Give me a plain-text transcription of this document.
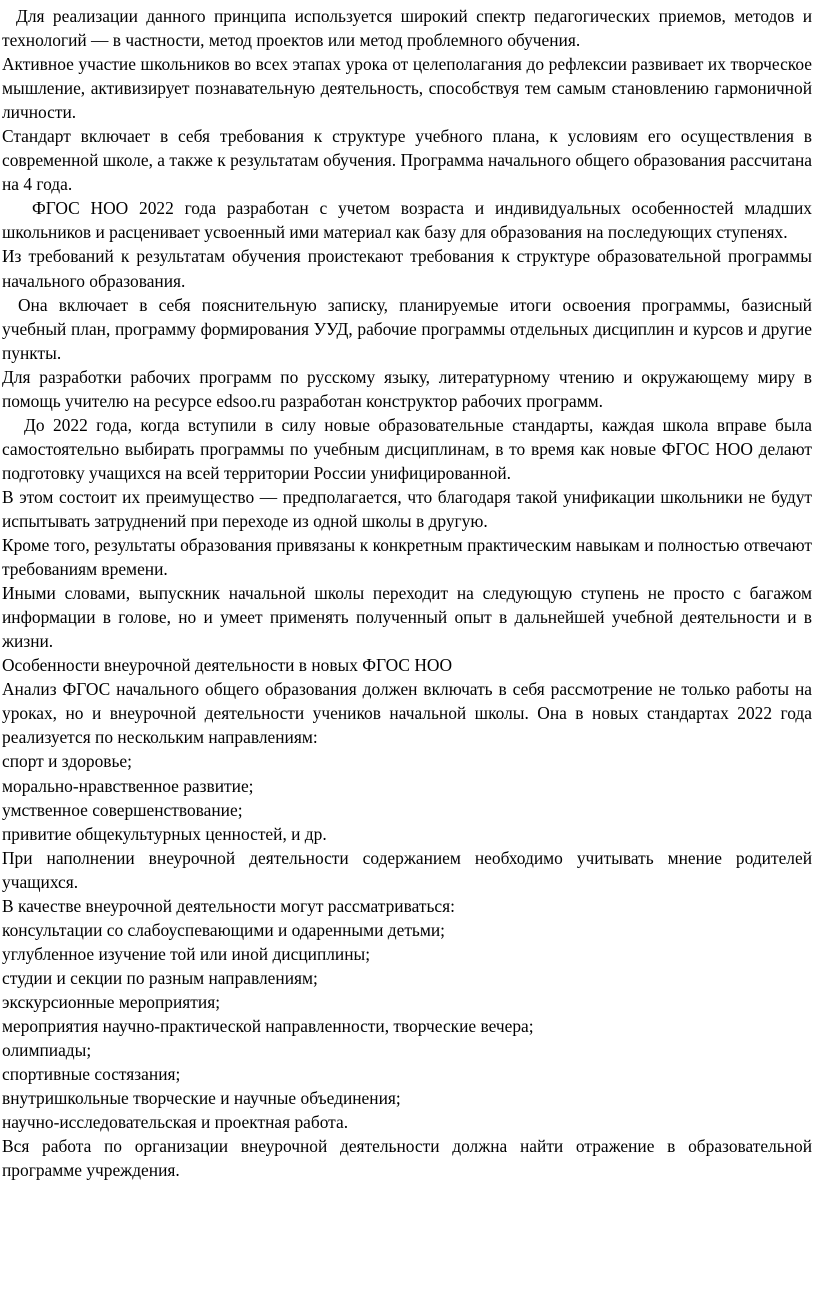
Для реализации данного принципа используется широкий спектр педагогических приемов, методов и технологий — в частности, метод проектов или метод проблемного обучения.

Активное участие школьников во всех этапах урока от целеполагания до рефлексии развивает их творческое мышление, активизирует познавательную деятельность, способствуя тем самым становлению гармоничной личности.

Стандарт включает в себя требования к структуре учебного плана, к условиям его осуществления в современной школе, а также к результатам обучения. Программа начального общего образования рассчитана на 4 года.

ФГОС НОО 2022 года разработан с учетом возраста и индивидуальных особенностей младших школьников и расценивает усвоенный ими материал как базу для образования на последующих ступенях.

Из требований к результатам обучения проистекают требования к структуре образовательной программы начального образования.

Она включает в себя пояснительную записку, планируемые итоги освоения программы, базисный учебный план, программу формирования УУД, рабочие программы отдельных дисциплин и курсов и другие пункты.

Для разработки рабочих программ по русскому языку, литературному чтению и окружающему миру в помощь учителю на ресурсе edsoo.ru разработан конструктор рабочих программ.

До 2022 года, когда вступили в силу новые образовательные стандарты, каждая школа вправе была самостоятельно выбирать программы по учебным дисциплинам, в то время как новые ФГОС НОО делают подготовку учащихся на всей территории России унифицированной.

В этом состоит их преимущество — предполагается, что благодаря такой унификации школьники не будут испытывать затруднений при переходе из одной школы в другую.

Кроме того, результаты образования привязаны к конкретным практическим навыкам и полностью отвечают требованиям времени.

Иными словами, выпускник начальной школы переходит на следующую ступень не просто с багажом информации в голове, но и умеет применять полученный опыт в дальнейшей учебной деятельности и в жизни.

Особенности внеурочной деятельности в новых ФГОС НОО

Анализ ФГОС начального общего образования должен включать в себя рассмотрение не только работы на уроках, но и внеурочной деятельности учеников начальной школы. Она в новых стандартах 2022 года реализуется по нескольким направлениям:

спорт и здоровье;

морально-нравственное развитие;

умственное совершенствование;

привитие общекультурных ценностей, и др.

При наполнении внеурочной деятельности содержанием необходимо учитывать мнение родителей учащихся.

В качестве внеурочной деятельности могут рассматриваться:

консультации со слабоуспевающими и одаренными детьми;

углубленное изучение той или иной дисциплины;

студии и секции по разным направлениям;

экскурсионные мероприятия;

мероприятия научно-практической направленности, творческие вечера;

олимпиады;

спортивные состязания;

внутришкольные творческие и научные объединения;

научно-исследовательская и проектная работа.

Вся работа по организации внеурочной деятельности должна найти отражение в образовательной программе учреждения.
